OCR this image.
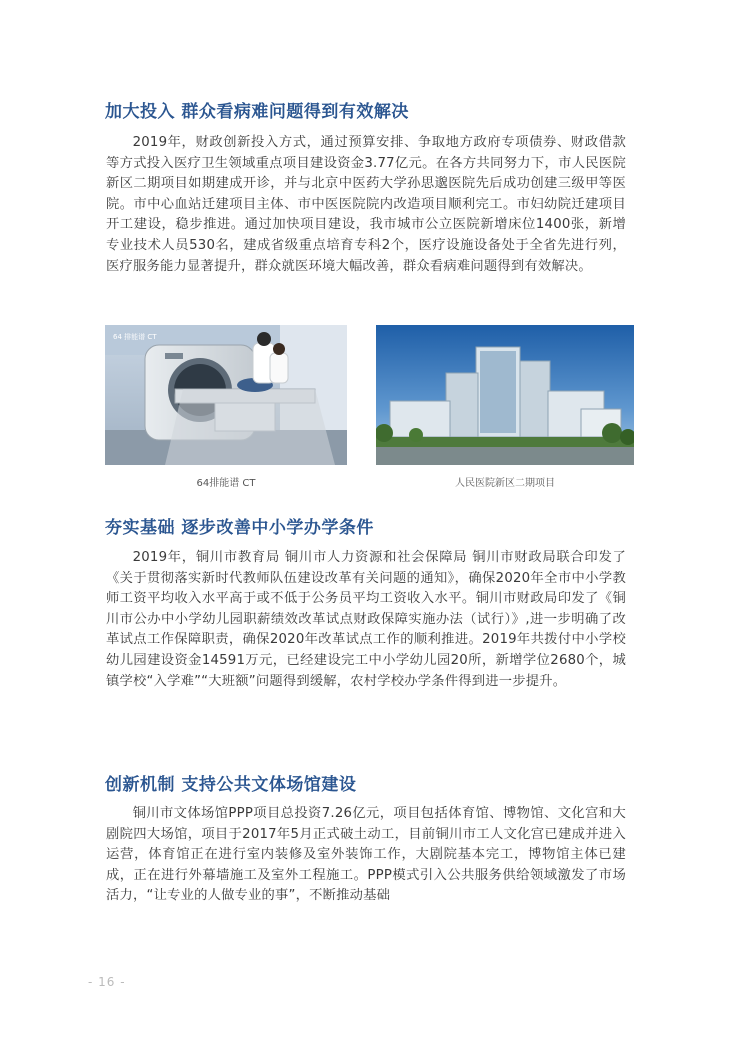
加大投入 群众看病难问题得到有效解决
2019年，财政创新投入方式，通过预算安排、争取地方政府专项债券、财政借款等方式投入医疗卫生领域重点项目建设资金3.77亿元。在各方共同努力下，市人民医院新区二期项目如期建成开诊，并与北京中医药大学孙思邈医院先后成功创建三级甲等医院。市中心血站迁建项目主体、市中医医院院内改造项目顺利完工。市妇幼院迁建项目开工建设，稳步推进。通过加快项目建设，我市城市公立医院新增床位1400张，新增专业技术人员530名，建成省级重点培育专科2个，医疗设施设备处于全省先进行列，医疗服务能力显著提升，群众就医环境大幅改善，群众看病难问题得到有效解决。
64 排能谱 CT
64排能谱 CT	人民医院新区二期项目
夯实基础 逐步改善中小学办学条件
2019年，铜川市教育局 铜川市人力资源和社会保障局 铜川市财政局联合印发了《关于贯彻落实新时代教师队伍建设改革有关问题的通知》，确保2020年全市中小学教师工资平均收入水平高于或不低于公务员平均工资收入水平。铜川市财政局印发了《铜川市公办中小学幼儿园职薪绩效改革试点财政保障实施办法（试行）》,进一步明确了改革试点工作保障职责，确保2020年改革试点工作的顺利推进。2019年共拨付中小学校幼儿园建设资金14591万元，已经建设完工中小学幼儿园20所，新增学位2680个，城镇学校“入学难”“大班额”问题得到缓解，农村学校办学条件得到进一步提升。
创新机制 支持公共文体场馆建设
铜川市文体场馆PPP项目总投资7.26亿元，项目包括体育馆、博物馆、文化宫和大剧院四大场馆，项目于2017年5月正式破土动工，目前铜川市工人文化宫已建成并进入运营，体育馆正在进行室内装修及室外装饰工作，大剧院基本完工，博物馆主体已建成，正在进行外幕墙施工及室外工程施工。PPP模式引入公共服务供给领域激发了市场活力，“让专业的人做专业的事”，不断推动基础
- 16 -
